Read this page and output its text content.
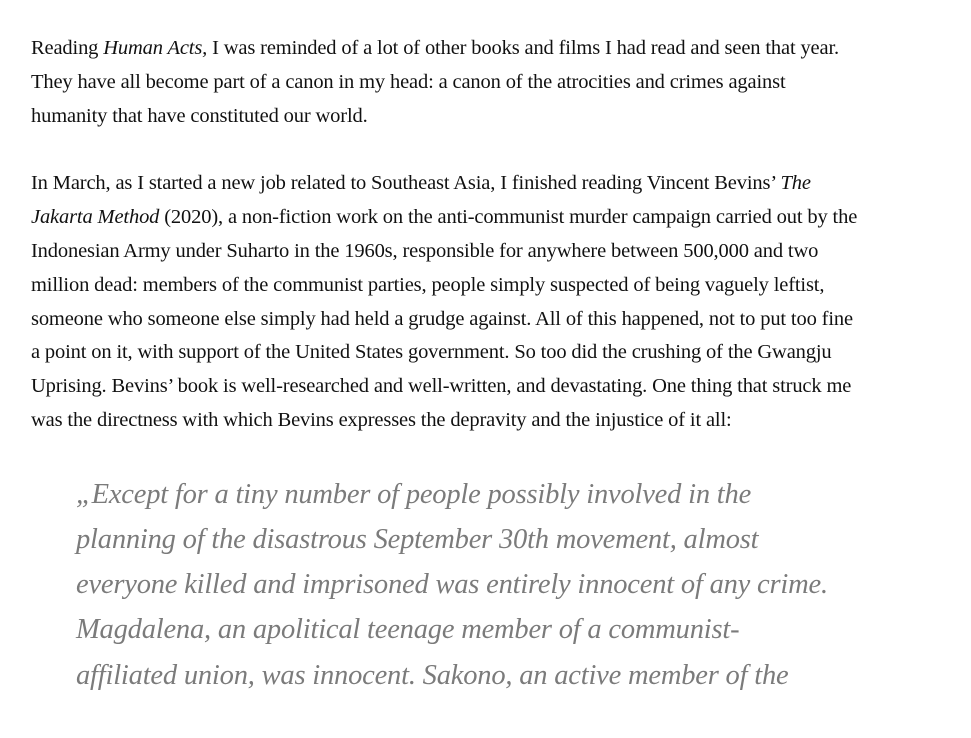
Reading Human Acts, I was reminded of a lot of other books and films I had read and seen that year. They have all become part of a canon in my head: a canon of the atrocities and crimes against humanity that have constituted our world.

In March, as I started a new job related to Southeast Asia, I finished reading Vincent Bevins’ The Jakarta Method (2020), a non-fiction work on the anti-communist murder campaign carried out by the Indonesian Army under Suharto in the 1960s, responsible for anywhere between 500,000 and two million dead: members of the communist parties, people simply suspected of being vaguely leftist, someone who someone else simply had held a grudge against. All of this happened, not to put too fine a point on it, with support of the United States government. So too did the crushing of the Gwangju Uprising. Bevins’ book is well-researched and well-written, and devastating. One thing that struck me was the directness with which Bevins expresses the depravity and the injustice of it all:

„Except for a tiny number of people possibly involved in the planning of the disastrous September 30th movement, almost everyone killed and imprisoned was entirely innocent of any crime. Magdalena, an apolitical teenage member of a communist-affiliated union, was innocent. Sakono, an active member of the
